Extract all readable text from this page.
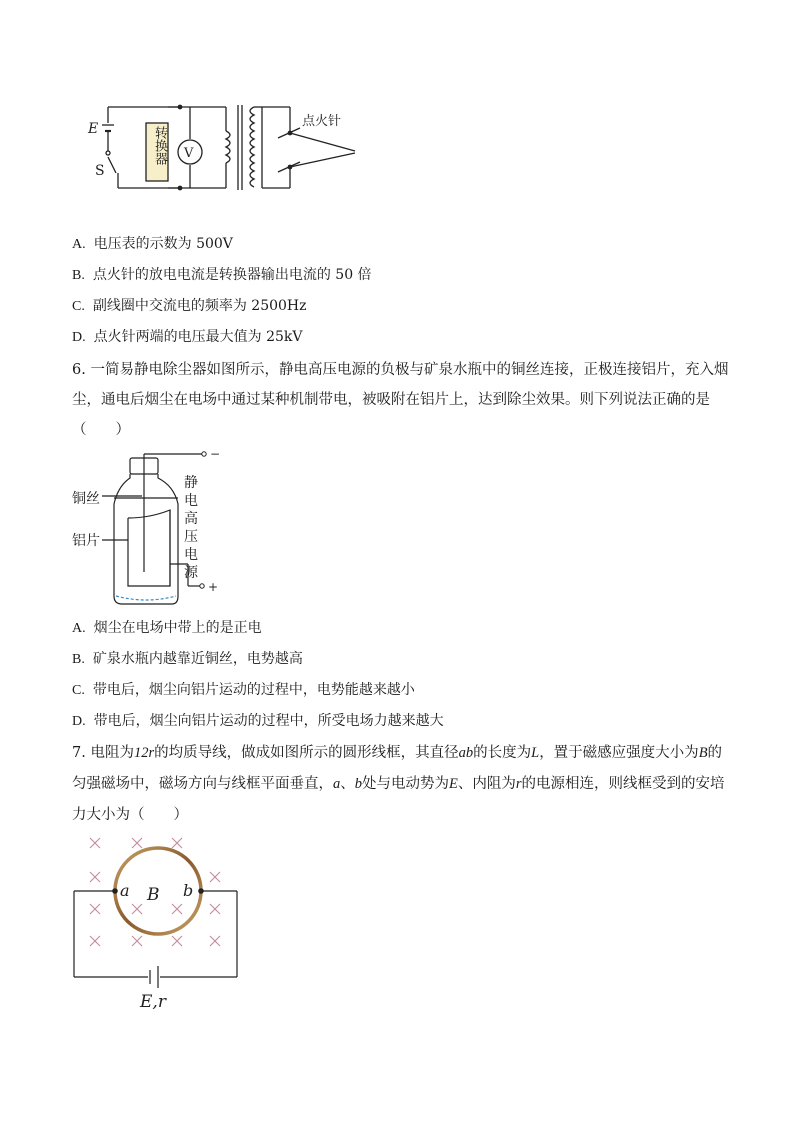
E
S
V
点火针
转换器
A. 电压表的示数为 500V
B. 点火针的放电电流是转换器输出电流的 50 倍
C. 副线圈中交流电的频率为 2500Hz
D. 点火针两端的电压最大值为 25kV
6. 一简易静电除尘器如图所示，静电高压电源的负极与矿泉水瓶中的铜丝连接，正极连接铝片，充入烟
尘，通电后烟尘在电场中通过某种机制带电，被吸附在铝片上，达到除尘效果。则下列说法正确的是
（　　）
−
+
铜丝
铝片
静电高压电源
A. 烟尘在电场中带上的是正电
B. 矿泉水瓶内越靠近铜丝，电势越高
C. 带电后，烟尘向铝片运动的过程中，电势能越来越小
D. 带电后，烟尘向铝片运动的过程中，所受电场力越来越大
7. 电阻为12r的均质导线，做成如图所示的圆形线框，其直径ab的长度为L，置于磁感应强度大小为B的
匀强磁场中，磁场方向与线框平面垂直，a、b处与电动势为E、内阻为r的电源相连，则线框受到的安培
力大小为（　　）
a B b
E,r
